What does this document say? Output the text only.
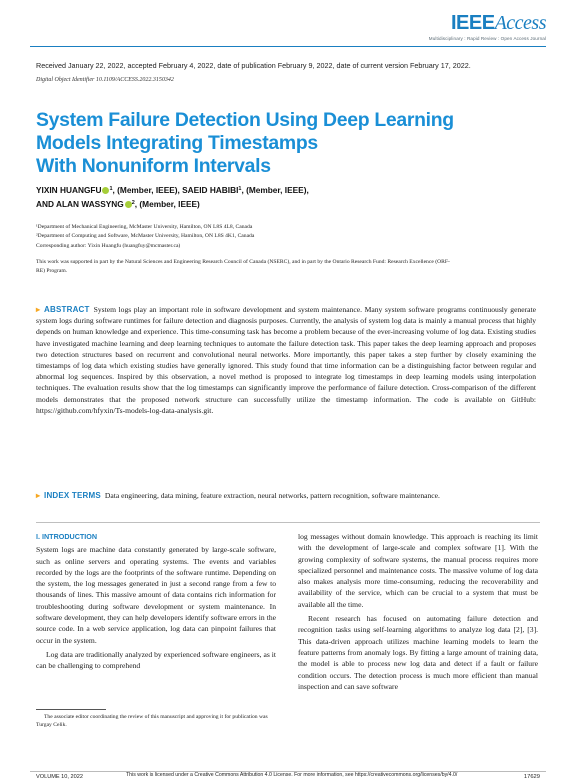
IEEEAccess
Multidisciplinary : Rapid Review : Open Access Journal
Received January 22, 2022, accepted February 4, 2022, date of publication February 9, 2022, date of current version February 17, 2022.
Digital Object Identifier 10.1109/ACCESS.2022.3150342
System Failure Detection Using Deep Learning
Models Integrating Timestamps
With Nonuniform Intervals
YIXIN HUANGFU $^1$, (Member, IEEE), SAEID HABIBI$^1$, (Member, IEEE),
AND ALAN WASSYNG $^2$, (Member, IEEE)
¹Department of Mechanical Engineering, McMaster University, Hamilton, ON L8S 4L8, Canada
²Department of Computing and Software, McMaster University, Hamilton, ON L8S 4K1, Canada
Corresponding author: Yixin Huangfu (huangfuy@mcmaster.ca)
This work was supported in part by the Natural Sciences and Engineering Research Council of Canada (NSERC), and in part by the Ontario Research Fund: Research Excellence (ORF-RE) Program.
▸ ABSTRACT System logs play an important role in software development and system maintenance. Many system software programs continuously generate system logs during software runtimes for failure detection and diagnosis purposes. Currently, the analysis of system log data is mainly a manual process that highly depends on human knowledge and experience. This time-consuming task has become a problem because of the ever-increasing volume of log data. Existing studies have investigated machine learning and deep learning techniques to automate the failure detection task. This paper takes the deep learning approach and proposes two detection structures based on recurrent and convolutional neural networks. More importantly, this paper takes a step further by closely examining the timestamps of log data which existing studies have generally ignored. This study found that time information can be a distinguishing factor between regular and abnormal log sequences. Inspired by this observation, a novel method is proposed to integrate log timestamps in deep learning models using interpolation techniques. The evaluation results show that the log timestamps can significantly improve the performance of failure detection. Cross-comparison of the different models demonstrates that the proposed network structure can successfully utilize the timestamp information. The code is available on GitHub: https://github.com/hfyxin/Ts-models-log-data-analysis.git.
▸ INDEX TERMS Data engineering, data mining, feature extraction, neural networks, pattern recognition, software maintenance.
I. INTRODUCTION

System logs are machine data constantly generated by large-scale software, such as online servers and operating systems. The events and variables recorded by the logs are the footprints of the software runtime. Depending on the system, the log messages generated in just a second range from a few to thousands of lines. This massive amount of data contains rich information for troubleshooting during software development or system maintenance. In software development, they can help developers identify software errors in the source code. In a web service application, log data can pinpoint failures that occur in the system.

Log data are traditionally analyzed by experienced software engineers, as it can be challenging to comprehend

log messages without domain knowledge. This approach is reaching its limit with the development of large-scale and complex software [1]. With the growing complexity of software systems, the manual process requires more specialized personnel and maintenance costs. The massive volume of log data also makes analysis more time-consuming, reducing the recoverability and availability of the service, which can be crucial to a system that must be available all the time.

Recent research has focused on automating failure detection and recognition tasks using self-learning algorithms to analyze log data [2], [3]. This data-driven approach utilizes machine learning models to learn the feature patterns from anomaly logs. By fitting a large amount of training data, the model is able to process new log data and detect if a fault or failure condition occurs. The detection process is much more efficient than manual inspection and can save software

The associate editor coordinating the review of this manuscript and approving it for publication was Turgay Celik.
VOLUME 10, 2022	This work is licensed under a Creative Commons Attribution 4.0 License. For more information, see https://creativecommons.org/licenses/by/4.0/	17629
